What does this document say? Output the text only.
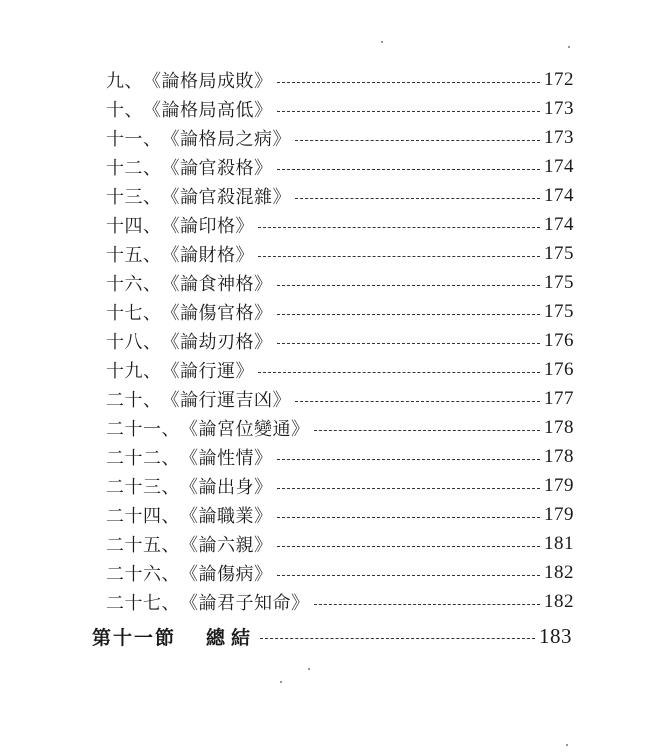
九、 《論格局成敗》	172
十、 《論格局高低》	173
十一、 《論格局之病》	173
十二、 《論官殺格》	174
十三、 《論官殺混雜》	174
十四、 《論印格》	174
十五、 《論財格》	175
十六、 《論食神格》	175
十七、 《論傷官格》	175
十八、 《論劫刃格》	176
十九、 《論行運》	176
二十、 《論行運吉凶》	177
二十一、 《論宮位變通》	178
二十二、 《論性情》	178
二十三、 《論出身》	179
二十四、 《論職業》	179
二十五、 《論六親》	181
二十六、 《論傷病》	182
二十七、 《論君子知命》	182
第十一節 總結	183
